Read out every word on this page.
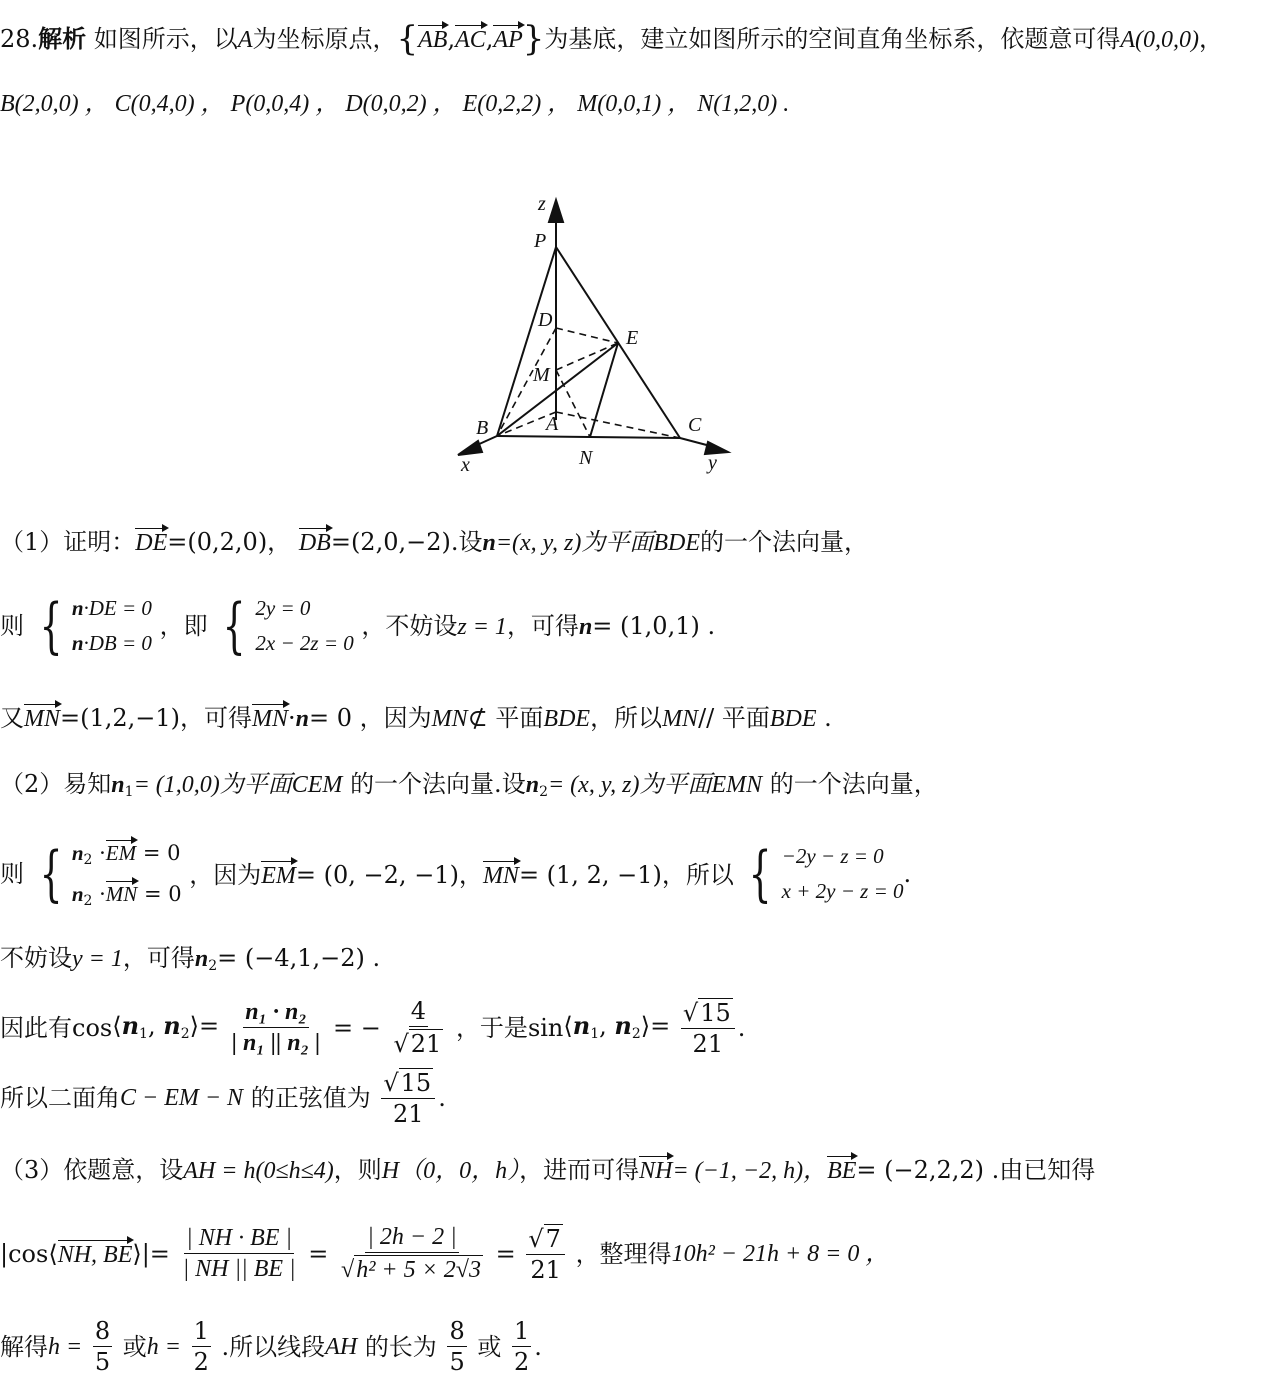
28.解析 如图所示，以A为坐标原点，{AB,AC,AP}为基底，建立如图所示的空间直角坐标系，依题意可得A(0,0,0)，
B(2,0,0) ， C(0,4,0) ， P(0,0,4) ， D(0,0,2) ， E(0,2,2) ， M(0,0,1) ， N(1,2,0) .
z
P
D
E
M
A
B	C
N
x	y
（1）证明：DE=(0,2,0)， DB=(2,0,−2).设n=(x, y, z)为平面BDE的一个法向量，
则 { n·DE = 0
n·DB = 0
，即 { 2y = 0
2x − 2z = 0
，不妨设z = 1，可得n= (1,0,1) .
又MN=(1,2,−1)，可得MN·n= 0 ，因为MN⊄ 平面BDE，所以MN// 平面BDE .
（2）易知$n_1= (1,0,0)$为平面CEM 的一个法向量.设$n_2= (x$, y, z)为平面EMN 的一个法向量，
则 { $n_2 \cdot EM = 0$
$n_2 \cdot MN = 0$
，因为EM= (0, −2, −1)，MN= (1, 2, −1)，所以 { −2y − z = 0
x + 2y − z = 0
.
不妨设y = 1，可得$n_2= (-4,1,-2)$ .
因此有$\cos⟨n_1$, $n_2⟩= \frac{\text{n₁ · n₂}}{\text{| n₁ || n₂ |}}$ = − $\frac{4}{√21}$ ，于是$\sin⟨n_1$, $n_2⟩= \frac{√15}{21}$ .
所以二面角C − EM − N 的正弦值为 $\frac{√15}{21}$ .
（3）依题意，设AH = h(0≤h≤4)，则H（0，0，h），进而可得NH= (−1, −2, h)，BE= (−2,2,2) .由已知得
|cos⟨NH, BE⟩|= $\frac{| NH \cdot BE |}{| NH || BE |} = \frac{| 2h - 2 |}{\text{√h² + 5 × 2√3}} = \frac{√7}{21}$ ，整理得10h² − 21h + 8 = 0 ，
解得$h = \frac{8}{5}$ 或$h = \frac{1}{2}$ .所以线段AH 的长为 $\frac{8}{5}$ 或 $\frac{1}{2}$ .
